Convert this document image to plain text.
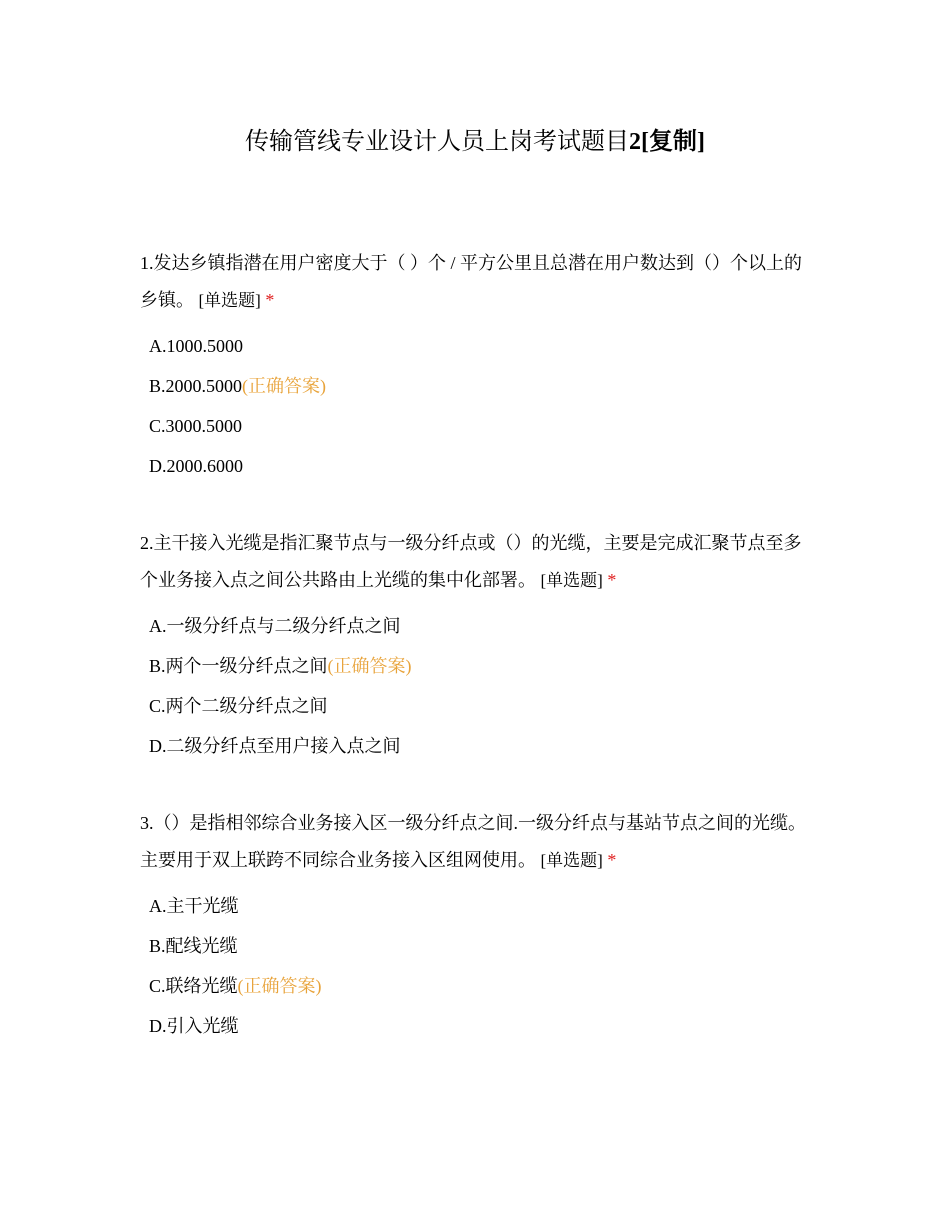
传输管线专业设计人员上岗考试题目2[复制]

1.发达乡镇指潜在用户密度大于（ ）个 / 平方公里且总潜在用户数达到（）个以上的乡镇。 [单选题] *

A.1000.5000
B.2000.5000(正确答案)
C.3000.5000
D.2000.6000

2.主干接入光缆是指汇聚节点与一级分纤点或（）的光缆，主要是完成汇聚节点至多个业务接入点之间公共路由上光缆的集中化部署。 [单选题] *

A.一级分纤点与二级分纤点之间
B.两个一级分纤点之间(正确答案)
C.两个二级分纤点之间
D.二级分纤点至用户接入点之间

3.（）是指相邻综合业务接入区一级分纤点之间.一级分纤点与基站节点之间的光缆。主要用于双上联跨不同综合业务接入区组网使用。 [单选题] *

A.主干光缆
B.配线光缆
C.联络光缆(正确答案)
D.引入光缆
